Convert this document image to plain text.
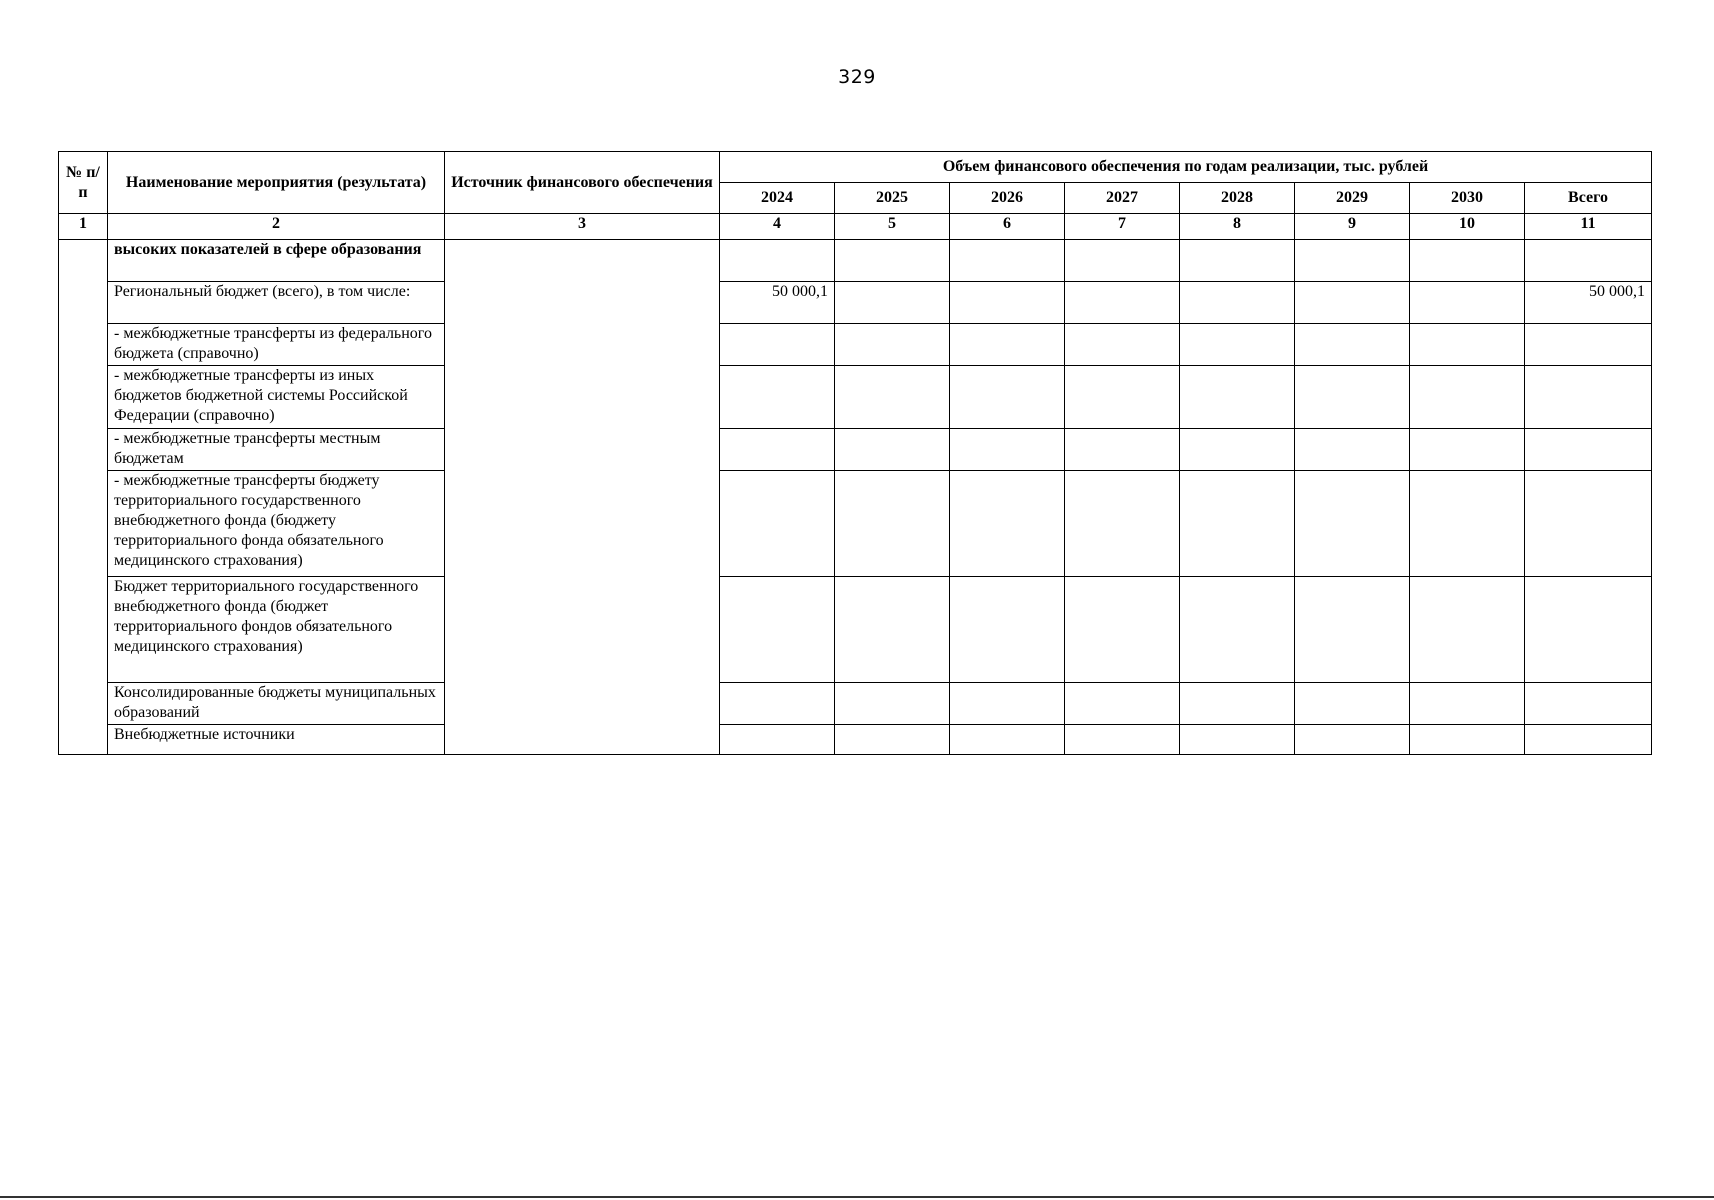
329
№ п/п	Наименование мероприятия (результата)	Источник финансового обеспечения	Объем финансового обеспечения по годам реализации, тыс. рублей							
			2024	2025	2026	2027	2028	2029	2030	Всего
1	2	3	4	5	6	7	8	9	10	11
	высоких показателей в сфере образования									
	Региональный бюджет (всего), в том числе:		50 000,1							50 000,1
	- межбюджетные трансферты из федерального бюджета (справочно)									
	- межбюджетные трансферты из иных бюджетов бюджетной системы Российской Федерации (справочно)									
	- межбюджетные трансферты местным бюджетам									
	- межбюджетные трансферты бюджету территориального государственного внебюджетного фонда (бюджету территориального фонда обязательного медицинского страхования)									
	Бюджет территориального государственного внебюджетного фонда (бюджет территориального фондов обязательного медицинского страхования)									
	Консолидированные бюджеты муниципальных образований									
	Внебюджетные источники									
